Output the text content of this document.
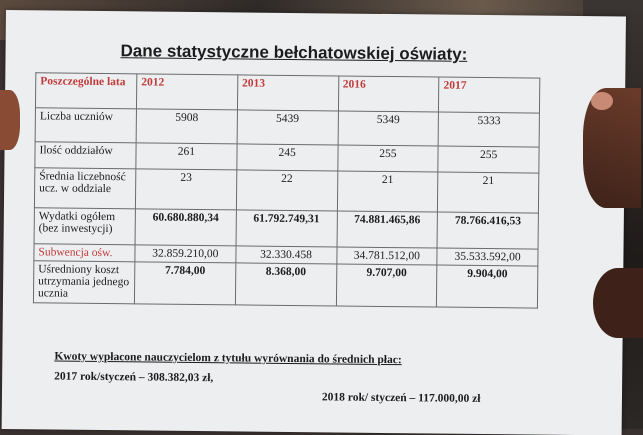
Dane statystyczne bełchatowskiej oświaty:
Poszczególne lata	2012	2013	2016	2017
Liczba uczniów	5908	5439	5349	5333
Ilość oddziałów	261	245	255	255
Średnia liczebność ucz. w oddziale	23	22	21	21
Wydatki ogółem (bez inwestycji)	60.680.880,34	61.792.749,31	74.881.465,86	78.766.416,53
Subwencja ośw.	32.859.210,00	32.330.458	34.781.512,00	35.533.592,00
Uśredniony koszt utrzymania jednego ucznia	7.784,00	8.368,00	9.707,00	9.904,00
Kwoty wypłacone nauczycielom z tytułu wyrównania do średnich płac:
2017 rok/styczeń – 308.382,03 zł,
2018 rok/ styczeń – 117.000,00 zł
